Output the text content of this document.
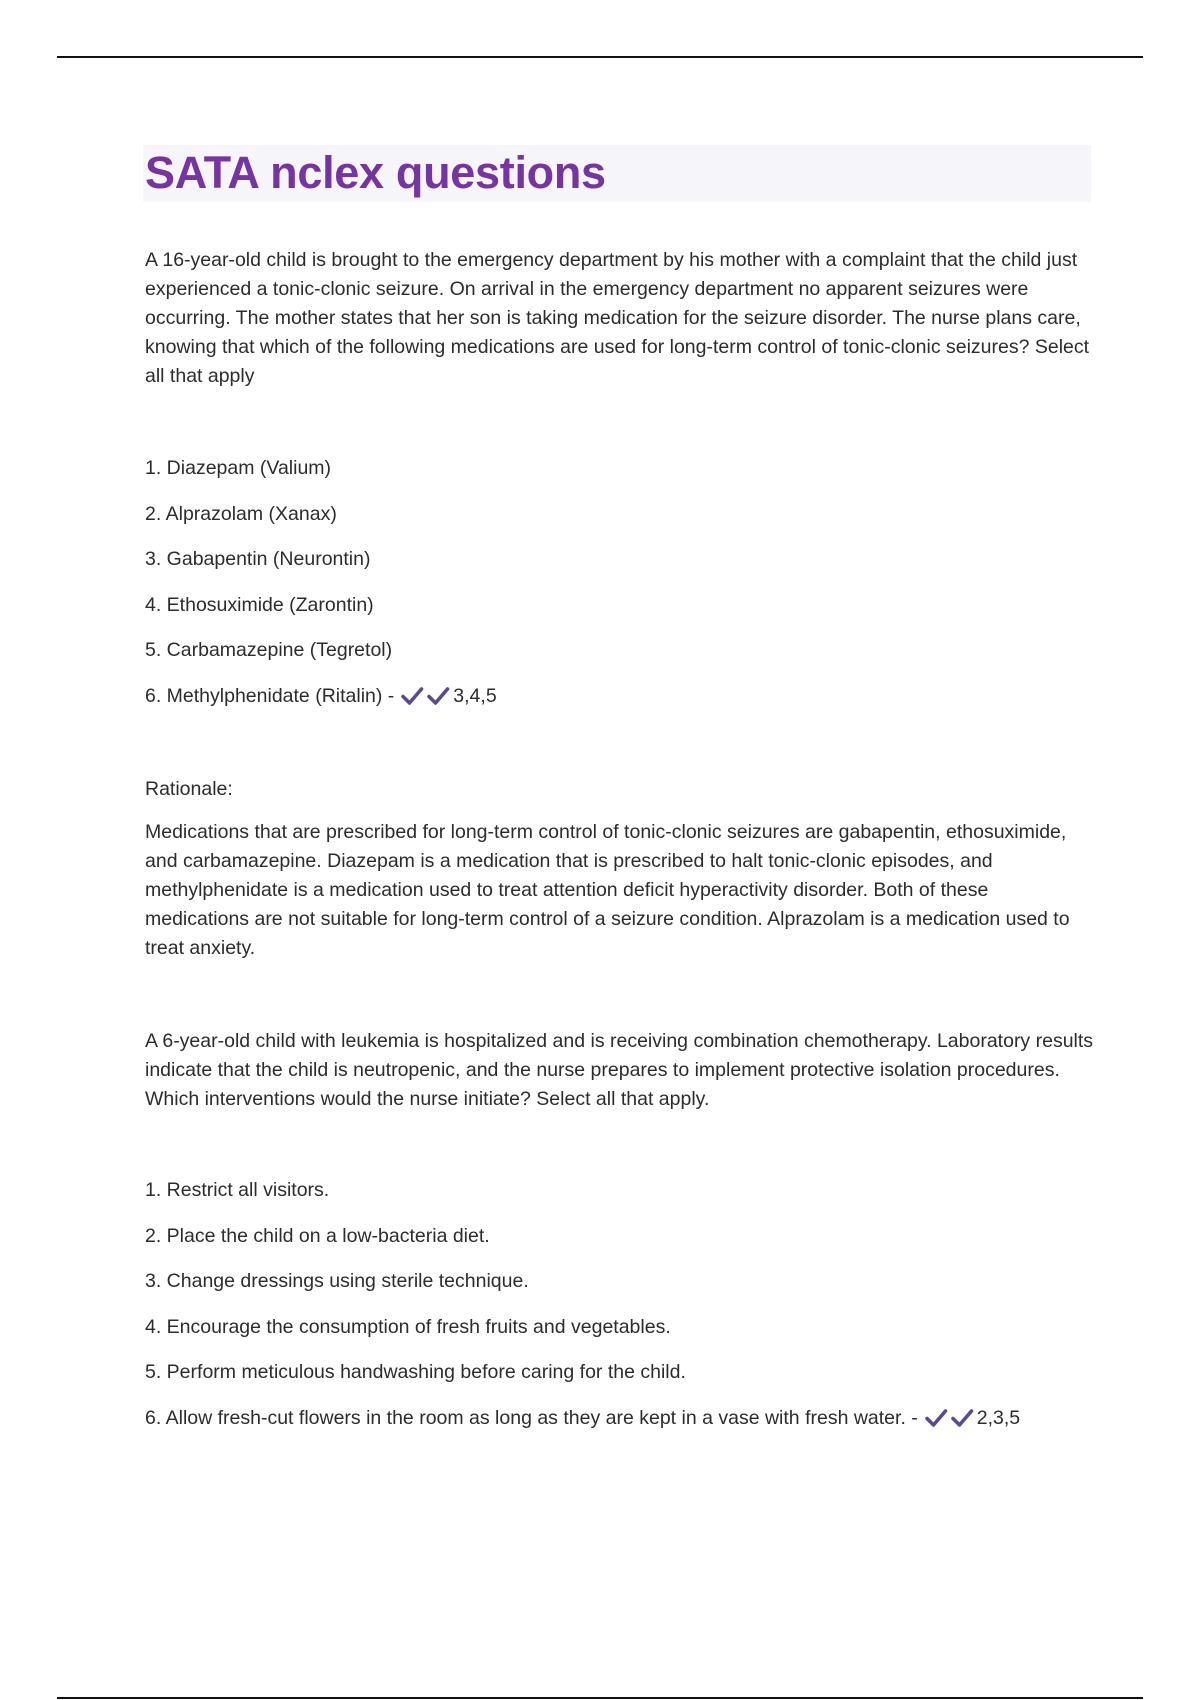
SATA nclex questions

A 16-year-old child is brought to the emergency department by his mother with a complaint that the child just experienced a tonic-clonic seizure. On arrival in the emergency department no apparent seizures were occurring. The mother states that her son is taking medication for the seizure disorder. The nurse plans care, knowing that which of the following medications are used for long-term control of tonic-clonic seizures? Select all that apply

1. Diazepam (Valium)
2. Alprazolam (Xanax)
3. Gabapentin (Neurontin)
4. Ethosuximide (Zarontin)
5. Carbamazepine (Tegretol)
6. Methylphenidate (Ritalin) -	3,4,5

Rationale:

Medications that are prescribed for long-term control of tonic-clonic seizures are gabapentin, ethosuximide, and carbamazepine. Diazepam is a medication that is prescribed to halt tonic-clonic episodes, and methylphenidate is a medication used to treat attention deficit hyperactivity disorder. Both of these medications are not suitable for long-term control of a seizure condition. Alprazolam is a medication used to treat anxiety.

A 6-year-old child with leukemia is hospitalized and is receiving combination chemotherapy. Laboratory results indicate that the child is neutropenic, and the nurse prepares to implement protective isolation procedures. Which interventions would the nurse initiate? Select all that apply.

1. Restrict all visitors.
2. Place the child on a low-bacteria diet.
3. Change dressings using sterile technique.
4. Encourage the consumption of fresh fruits and vegetables.
5. Perform meticulous handwashing before caring for the child.
6. Allow fresh-cut flowers in the room as long as they are kept in a vase with fresh water. -	2,3,5
